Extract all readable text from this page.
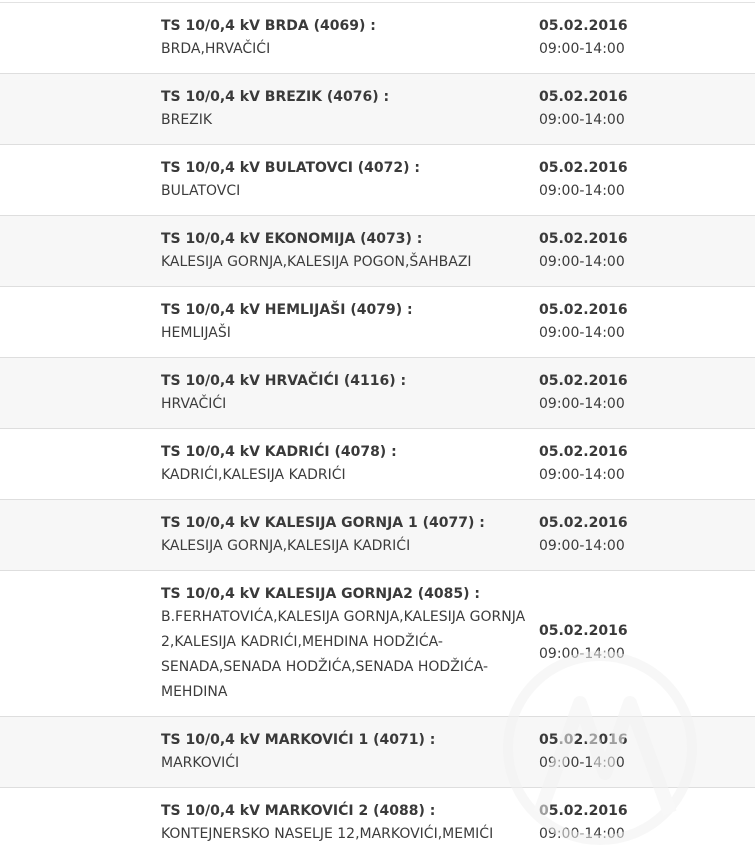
TS 10/0,4 kV BRDA (4069) :
BRDA,HRVAČIĆI
05.02.2016
09:00-14:00
TS 10/0,4 kV BREZIK (4076) :
BREZIK
05.02.2016
09:00-14:00
TS 10/0,4 kV BULATOVCI (4072) :
BULATOVCI
05.02.2016
09:00-14:00
TS 10/0,4 kV EKONOMIJA (4073) :
KALESIJA GORNJA,KALESIJA POGON,ŠAHBAZI
05.02.2016
09:00-14:00
TS 10/0,4 kV HEMLIJAŠI (4079) :
HEMLIJAŠI
05.02.2016
09:00-14:00
TS 10/0,4 kV HRVAČIĆI (4116) :
HRVAČIĆI
05.02.2016
09:00-14:00
TS 10/0,4 kV KADRIĆI (4078) :
KADRIĆI,KALESIJA KADRIĆI
05.02.2016
09:00-14:00
TS 10/0,4 kV KALESIJA GORNJA 1 (4077) :
KALESIJA GORNJA,KALESIJA KADRIĆI
05.02.2016
09:00-14:00
TS 10/0,4 kV KALESIJA GORNJA2 (4085) :
B.FERHATOVIĆA,KALESIJA GORNJA,KALESIJA GORNJA 2,KALESIJA KADRIĆI,MEHDINA HODŽIĆA-SENADA,SENADA HODŽIĆA,SENADA HODŽIĆA-MEHDINA
05.02.2016
09:00-14:00
TS 10/0,4 kV MARKOVIĆI 1 (4071) :
MARKOVIĆI
05.02.2016
09:00-14:00
TS 10/0,4 kV MARKOVIĆI 2 (4088) :
KONTEJNERSKO NASELJE 12,MARKOVIĆI,MEMIĆI
05.02.2016
09:00-14:00
